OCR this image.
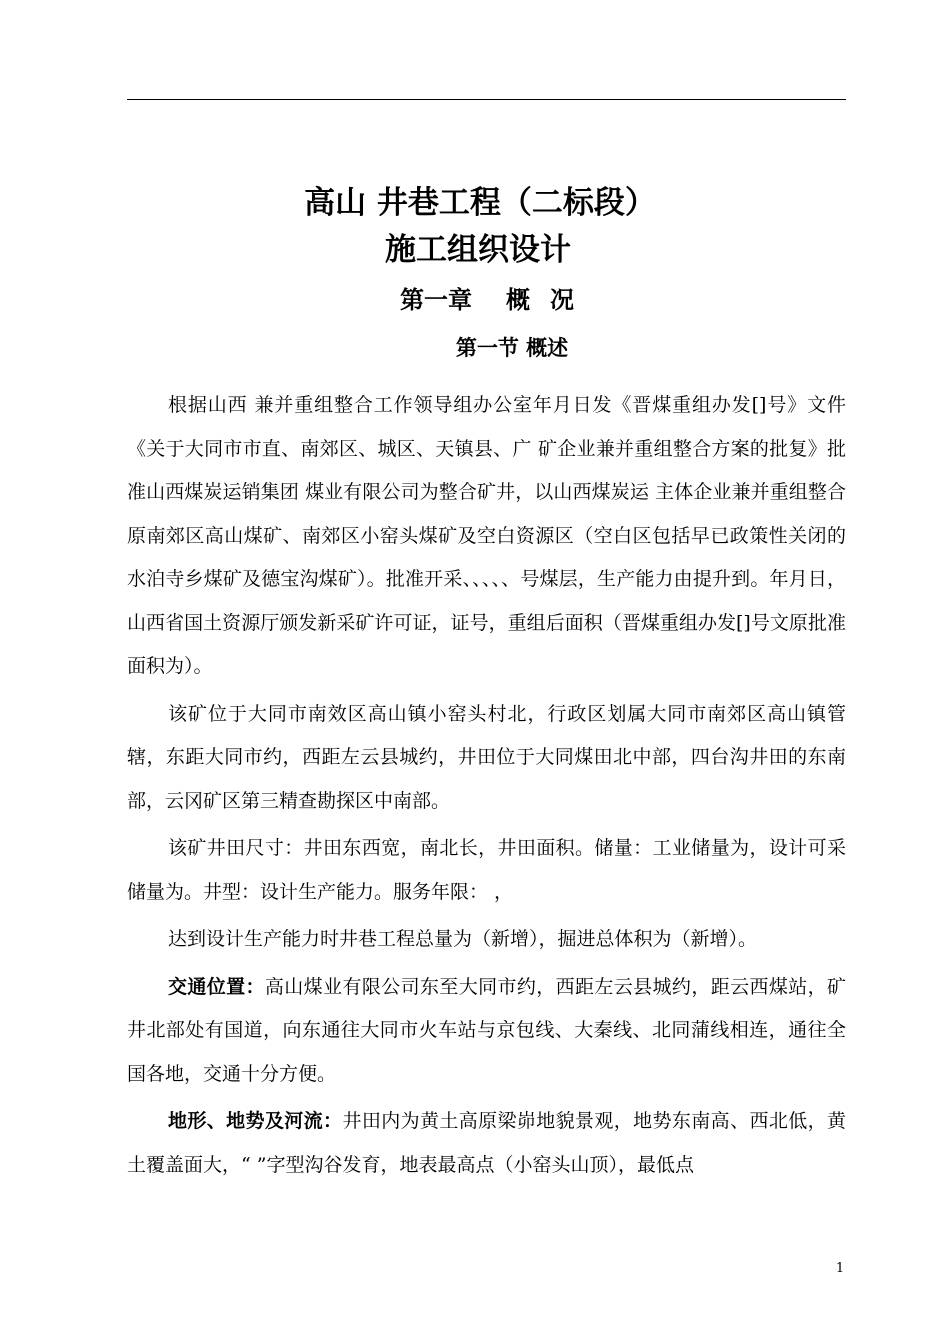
高山 井巷工程（二标段）
施工组织设计
第一章 概 况
第一节 概述

根据山西 兼并重组整合工作领导组办公室年月日发《晋煤重组办发[]号》文件《关于大同市市直、南郊区、城区、天镇县、广 矿企业兼并重组整合方案的批复》批准山西煤炭运销集团 煤业有限公司为整合矿井，以山西煤炭运 主体企业兼并重组整合原南郊区高山煤矿、南郊区小窑头煤矿及空白资源区（空白区包括早已政策性关闭的水泊寺乡煤矿及德宝沟煤矿）。批准开采、、、、、号煤层，生产能力由提升到。年月日，山西省国土资源厅颁发新采矿许可证，证号，重组后面积（晋煤重组办发[]号文原批准面积为）。

该矿位于大同市南效区高山镇小窑头村北，行政区划属大同市南郊区高山镇管辖，东距大同市约，西距左云县城约，井田位于大同煤田北中部，四台沟井田的东南部，云冈矿区第三精查勘探区中南部。

该矿井田尺寸：井田东西宽，南北长，井田面积。储量：工业储量为，设计可采储量为。井型：设计生产能力。服务年限： ，

达到设计生产能力时井巷工程总量为（新增），掘进总体积为（新增）。

交通位置：高山煤业有限公司东至大同市约，西距左云县城约，距云西煤站，矿井北部处有国道，向东通往大同市火车站与京包线、大秦线、北同蒲线相连，通往全国各地，交通十分方便。

地形、地势及河流：井田内为黄土高原梁峁地貌景观，地势东南高、西北低，黄土覆盖面大，“ ”字型沟谷发育，地表最高点（小窑头山顶），最低点

1
